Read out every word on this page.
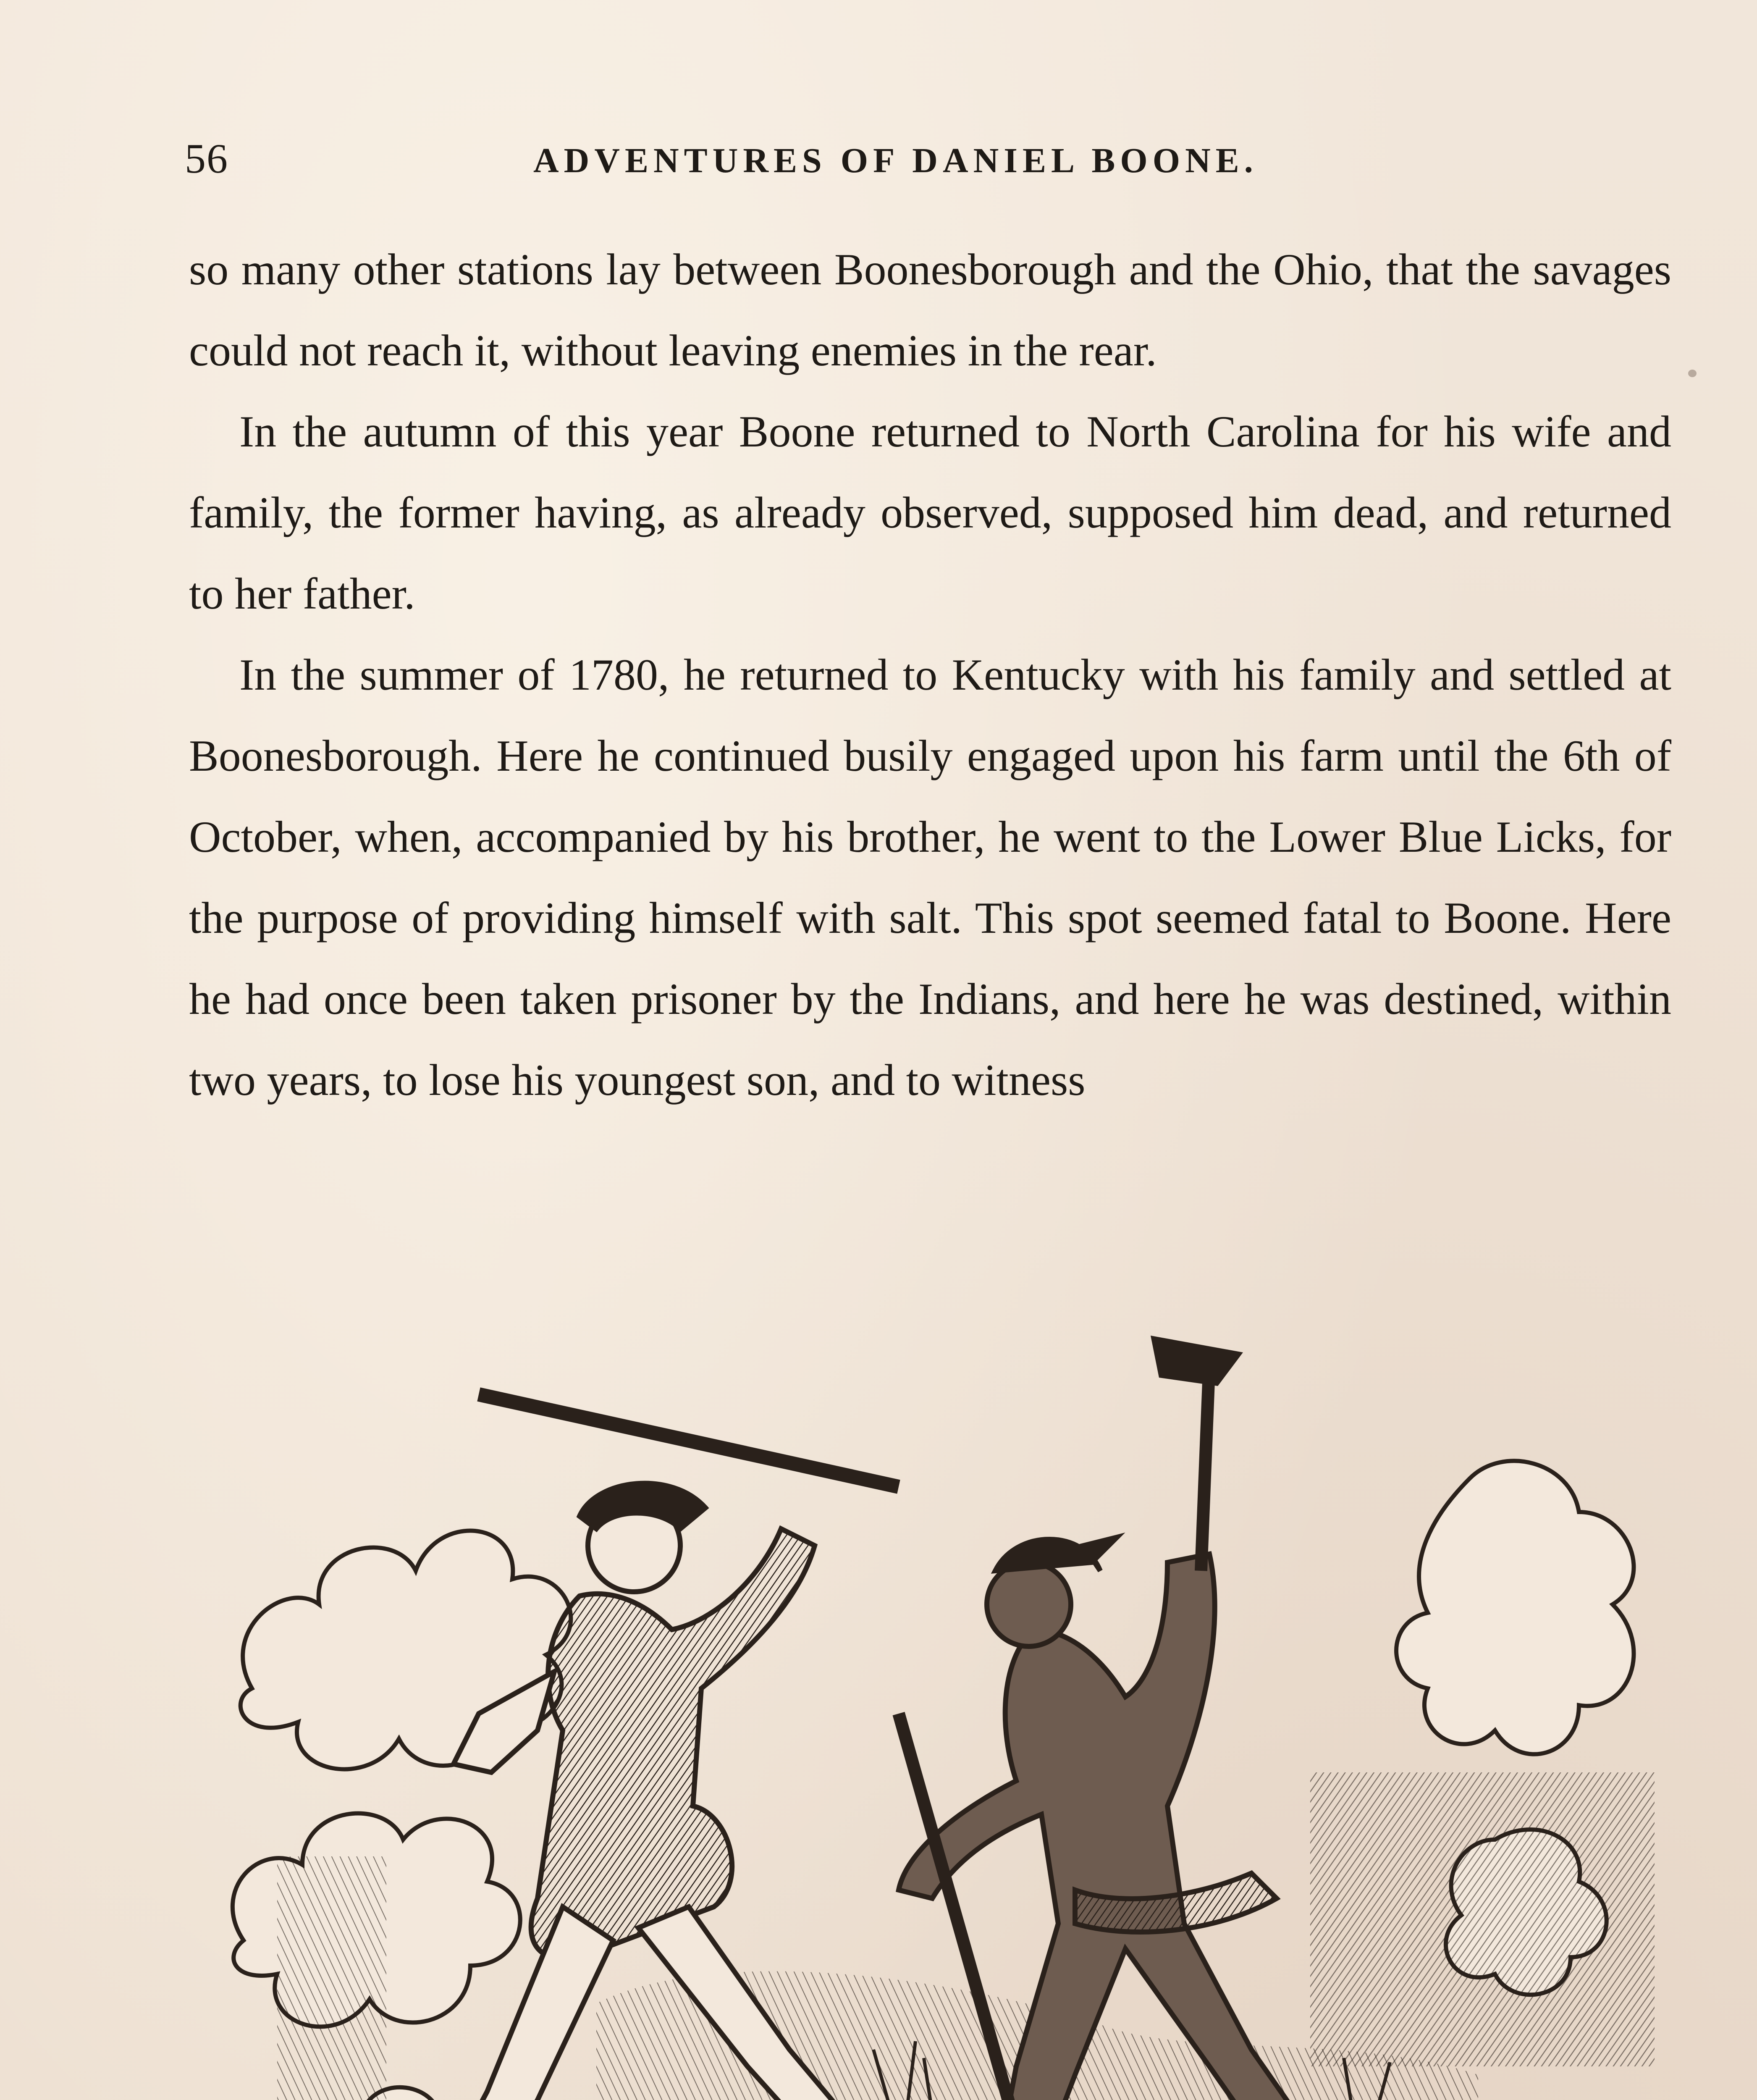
56	ADVENTURES OF DANIEL BOONE.

so many other stations lay between Boonesborough and the Ohio, that the savages could not reach it, without leaving enemies in the rear.

In the autumn of this year Boone returned to North Carolina for his wife and family, the former having, as already observed, supposed him dead, and returned to her father.

In the summer of 1780, he returned to Kentucky with his family and settled at Boonesborough. Here he continued busily engaged upon his farm until the 6th of October, when, accompanied by his brother, he went to the Lower Blue Licks, for the purpose of providing himself with salt. This spot seemed fatal to Boone. Here he had once been taken prisoner by the Indians, and here he was destined, within two years, to lose his youngest son, and to witness
